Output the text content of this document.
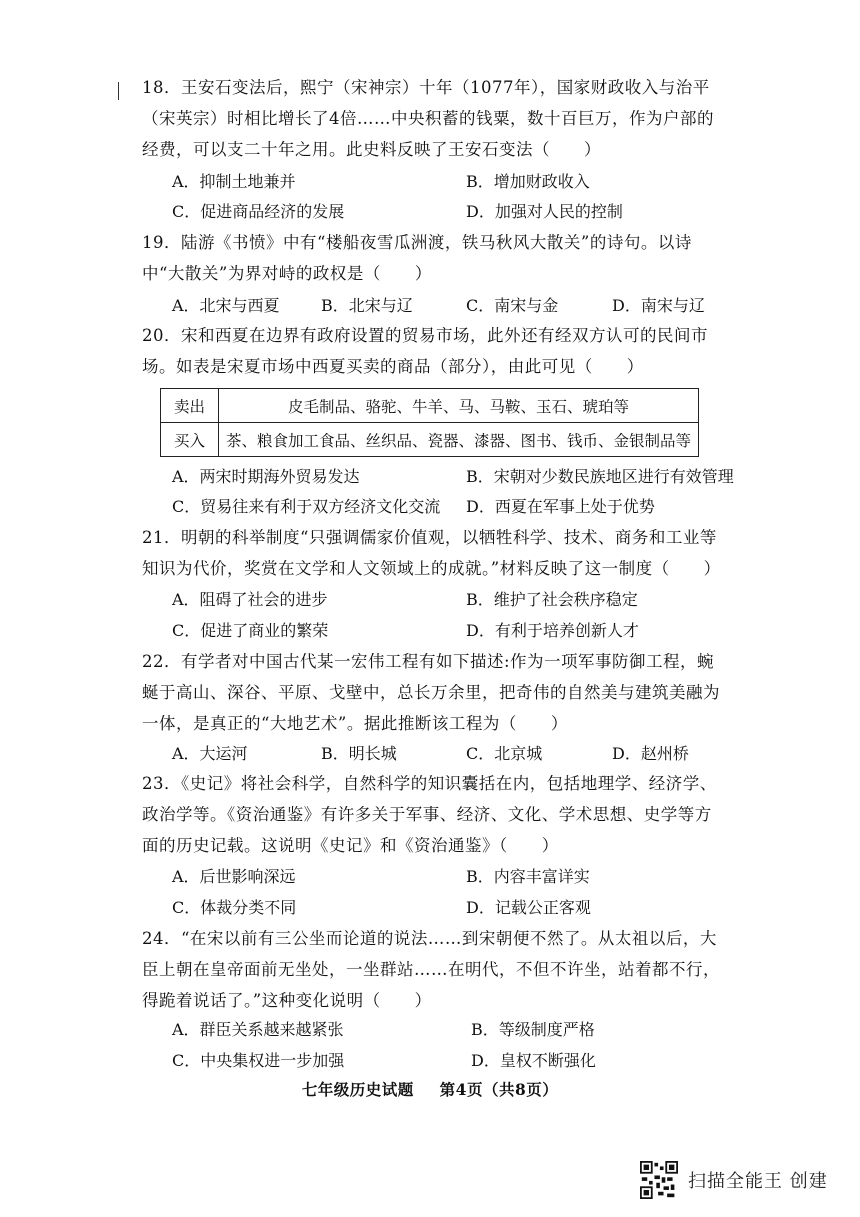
18．王安石变法后，熙宁（宋神宗）十年（1077年），国家财政收入与治平（宋英宗）时相比增长了4倍……中央积蓄的钱粟，数十百巨万，作为户部的经费，可以支二十年之用。此史料反映了王安石变法（　　）
A．抑制土地兼并	B．增加财政收入
C．促进商品经济的发展	D．加强对人民的控制
19．陆游《书愤》中有“楼船夜雪瓜洲渡，铁马秋风大散关”的诗句。以诗中“大散关”为界对峙的政权是（　　）
A．北宋与西夏	B．北宋与辽	C．南宋与金	D．南宋与辽
20．宋和西夏在边界有政府设置的贸易市场，此外还有经双方认可的民间市场。如表是宋夏市场中西夏买卖的商品（部分），由此可见（　　）
卖出	皮毛制品、骆驼、牛羊、马、马鞍、玉石、琥珀等
买入	茶、粮食加工食品、丝织品、瓷器、漆器、图书、钱币、金银制品等
A．两宋时期海外贸易发达	B．宋朝对少数民族地区进行有效管理
C．贸易往来有利于双方经济文化交流 D．西夏在军事上处于优势
21．明朝的科举制度“只强调儒家价值观，以牺牲科学、技术、商务和工业等知识为代价，奖赏在文学和人文领域上的成就。”材料反映了这一制度（　　）
A．阻碍了社会的进步	B．维护了社会秩序稳定
C．促进了商业的繁荣	D．有利于培养创新人才
22．有学者对中国古代某一宏伟工程有如下描述:作为一项军事防御工程，蜿蜒于高山、深谷、平原、戈壁中，总长万余里，把奇伟的自然美与建筑美融为一体，是真正的“大地艺术”。据此推断该工程为（　　）
A．大运河	B．明长城	C．北京城	D．赵州桥
23．《史记》将社会科学，自然科学的知识囊括在内，包括地理学、经济学、政治学等。《资治通鉴》有许多关于军事、经济、文化、学术思想、史学等方面的历史记载。这说明《史记》和《资治通鉴》（　　）
A．后世影响深远	B．内容丰富详实
C．体裁分类不同	D．记载公正客观
24．“在宋以前有三公坐而论道的说法……到宋朝便不然了。从太祖以后，大臣上朝在皇帝面前无坐处，一坐群站……在明代，不但不许坐，站着都不行，得跪着说话了。”这种变化说明（　　）
A．群臣关系越来越紧张	B．等级制度严格
C．中央集权进一步加强	D．皇权不断强化
七年级历史试题 第4页（共8页）
扫描全能王 创建
